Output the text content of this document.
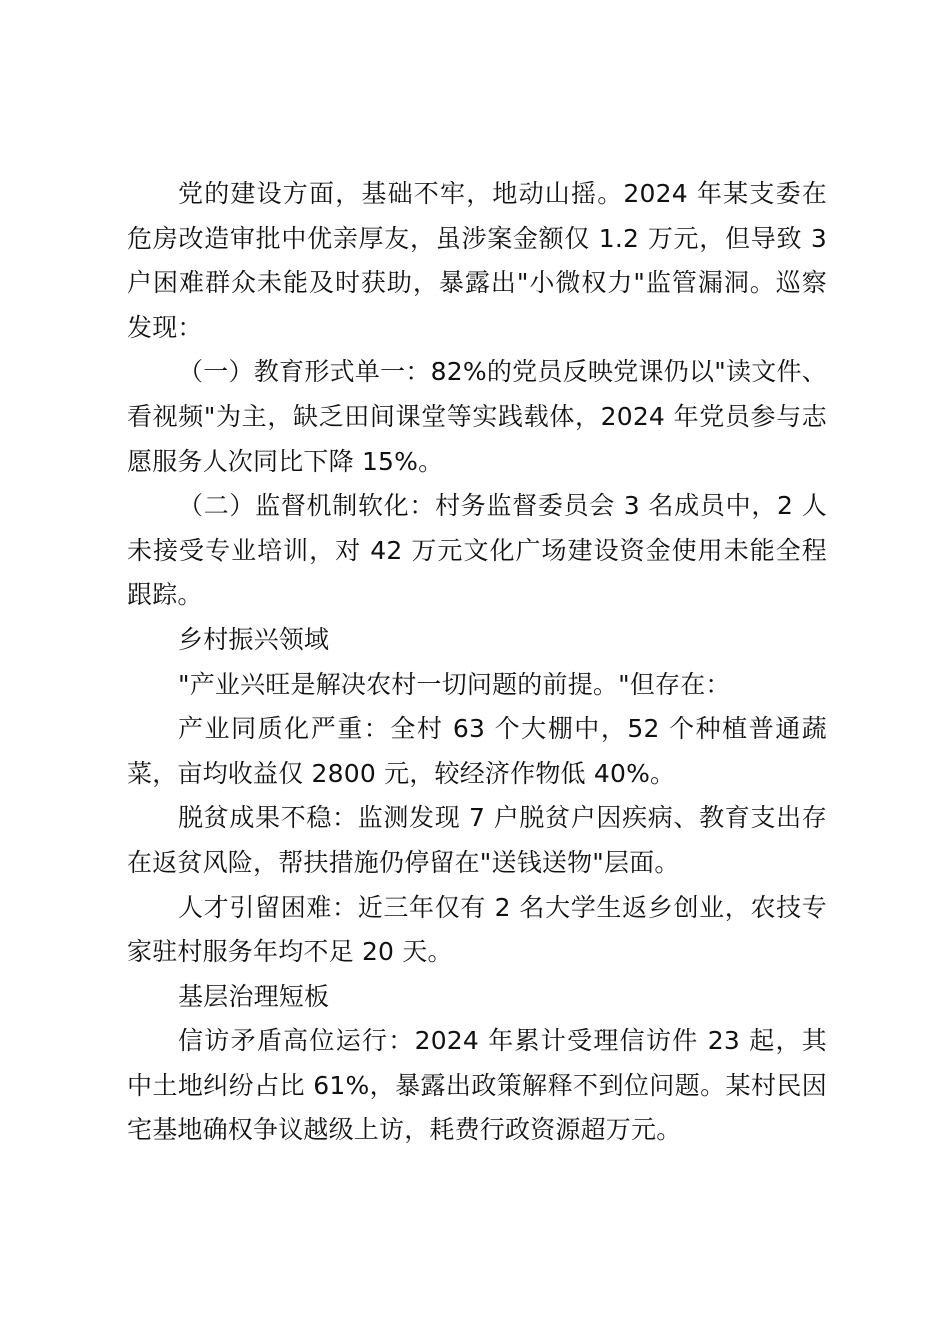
党的建设方面，基础不牢，地动山摇。2024 年某支委在危房改造审批中优亲厚友，虽涉案金额仅 1.2 万元，但导致 3 户困难群众未能及时获助，暴露出"小微权力"监管漏洞。巡察发现：

（一）教育形式单一：82%的党员反映党课仍以"读文件、看视频"为主，缺乏田间课堂等实践载体，2024 年党员参与志愿服务人次同比下降 15%。

（二）监督机制软化：村务监督委员会 3 名成员中，2 人未接受专业培训，对 42 万元文化广场建设资金使用未能全程跟踪。

乡村振兴领域

"产业兴旺是解决农村一切问题的前提。"但存在：

产业同质化严重：全村 63 个大棚中，52 个种植普通蔬菜，亩均收益仅 2800 元，较经济作物低 40%。

脱贫成果不稳：监测发现 7 户脱贫户因疾病、教育支出存在返贫风险，帮扶措施仍停留在"送钱送物"层面。

人才引留困难：近三年仅有 2 名大学生返乡创业，农技专家驻村服务年均不足 20 天。

基层治理短板

信访矛盾高位运行：2024 年累计受理信访件 23 起，其中土地纠纷占比 61%，暴露出政策解释不到位问题。某村民因宅基地确权争议越级上访，耗费行政资源超万元。
